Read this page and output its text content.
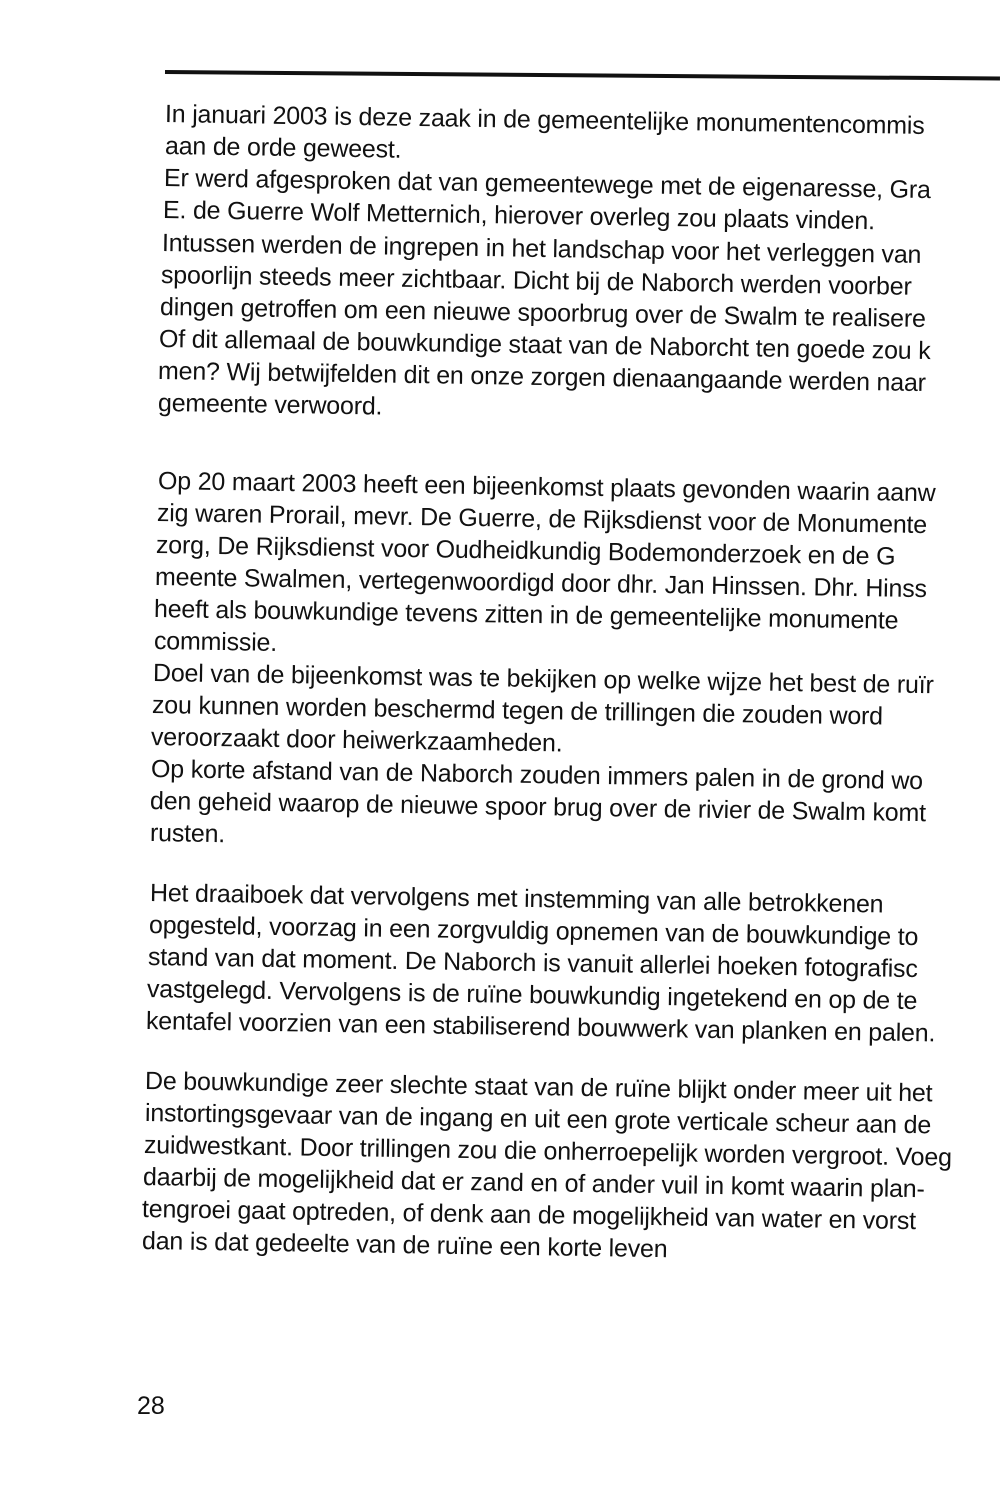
In januari 2003 is deze zaak in de gemeentelijke monumentencommis
aan de orde geweest.
Er werd afgesproken dat van gemeentewege met de eigenaresse, Gra
E. de Guerre Wolf Metternich, hierover overleg zou plaats vinden.
Intussen werden de ingrepen in het landschap voor het verleggen van
spoorlijn steeds meer zichtbaar. Dicht bij de Naborch werden voorber
dingen getroffen om een nieuwe spoorbrug over de Swalm te realisere
Of dit allemaal de bouwkundige staat van de Naborcht ten goede zou k
men? Wij betwijfelden dit en onze zorgen dienaangaande werden naar
gemeente verwoord.
Op 20 maart 2003 heeft een bijeenkomst plaats gevonden waarin aanw
zig waren Prorail, mevr. De Guerre, de Rijksdienst voor de Monumente
zorg, De Rijksdienst voor Oudheidkundig Bodemonderzoek en de G
meente Swalmen, vertegenwoordigd door dhr. Jan Hinssen. Dhr. Hinss
heeft als bouwkundige tevens zitten in de gemeentelijke monumente
commissie.
Doel van de bijeenkomst was te bekijken op welke wijze het best de ruïr
zou kunnen worden beschermd tegen de trillingen die zouden word
veroorzaakt door heiwerkzaamheden.
Op korte afstand van de Naborch zouden immers palen in de grond wo
den geheid waarop de nieuwe spoor brug over de rivier de Swalm komt
rusten.
Het draaiboek dat vervolgens met instemming van alle betrokkenen
opgesteld, voorzag in een zorgvuldig opnemen van de bouwkundige to
stand van dat moment. De Naborch is vanuit allerlei hoeken fotografisc
vastgelegd. Vervolgens is de ruïne bouwkundig ingetekend en op de te
kentafel voorzien van een stabiliserend bouwwerk van planken en palen.
De bouwkundige zeer slechte staat van de ruïne blijkt onder meer uit het
instortingsgevaar van de ingang en uit een grote verticale scheur aan de
zuidwestkant. Door trillingen zou die onherroepelijk worden vergroot. Voeg
daarbij de mogelijkheid dat er zand en of ander vuil in komt waarin plan-
tengroei gaat optreden, of denk aan de mogelijkheid van water en vorst
dan is dat gedeelte van de ruïne een korte leven
28
